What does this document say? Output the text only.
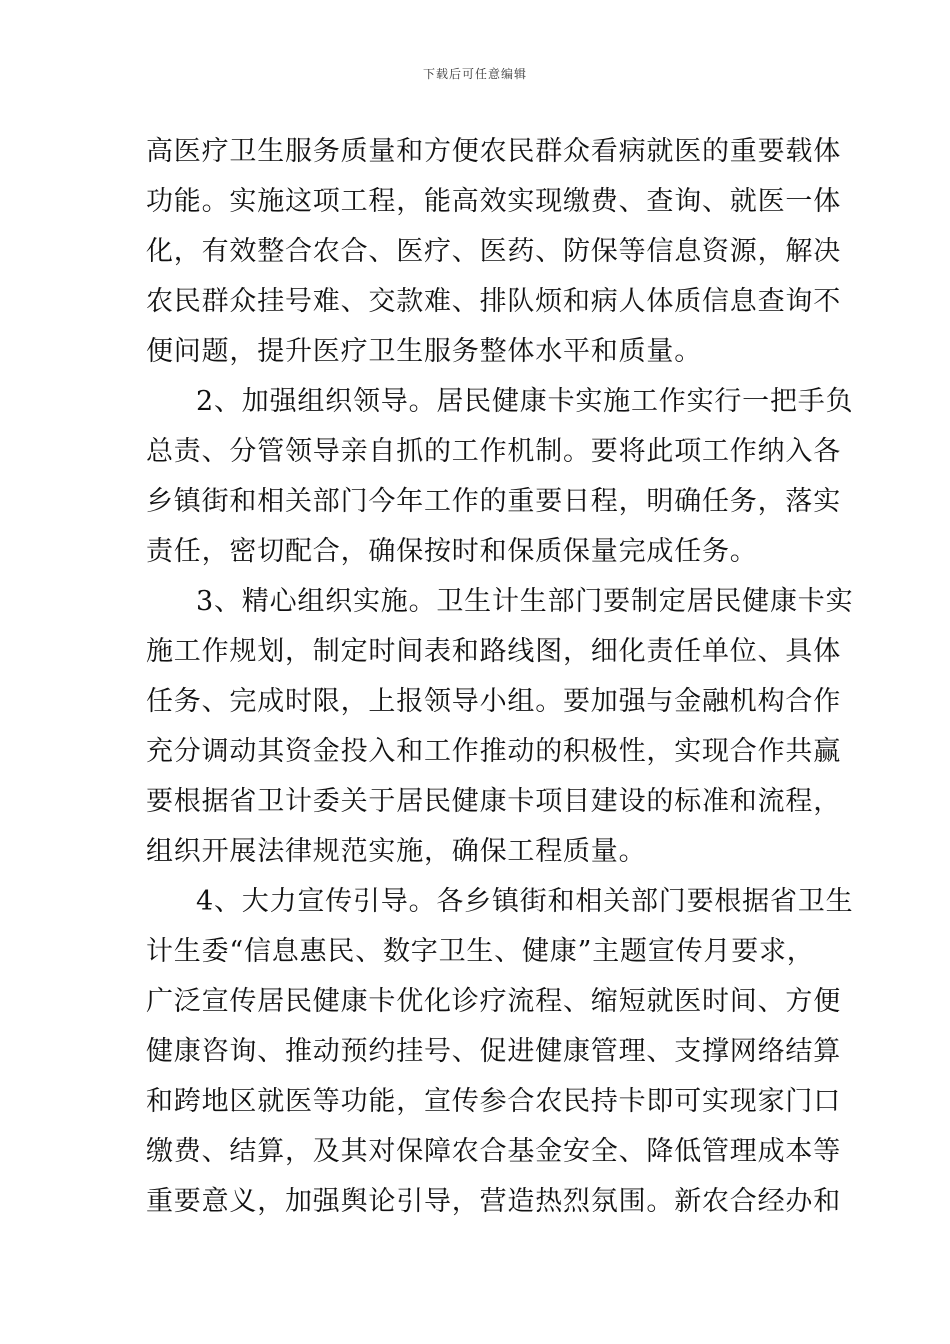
下载后可任意编辑
高医疗卫生服务质量和方便农民群众看病就医的重要载体
功能。实施这项工程，能高效实现缴费、查询、就医一体
化，有效整合农合、医疗、医药、防保等信息资源，解决
农民群众挂号难、交款难、排队烦和病人体质信息查询不
便问题，提升医疗卫生服务整体水平和质量。
2、加强组织领导。居民健康卡实施工作实行一把手负
总责、分管领导亲自抓的工作机制。要将此项工作纳入各
乡镇街和相关部门今年工作的重要日程，明确任务，落实
责任，密切配合，确保按时和保质保量完成任务。
3、精心组织实施。卫生计生部门要制定居民健康卡实
施工作规划，制定时间表和路线图，细化责任单位、具体
任务、完成时限，上报领导小组。要加强与金融机构合作
充分调动其资金投入和工作推动的积极性，实现合作共赢
要根据省卫计委关于居民健康卡项目建设的标准和流程，
组织开展法律规范实施，确保工程质量。
4、大力宣传引导。各乡镇街和相关部门要根据省卫生
计生委“信息惠民、数字卫生、健康”主题宣传月要求，
广泛宣传居民健康卡优化诊疗流程、缩短就医时间、方便
健康咨询、推动预约挂号、促进健康管理、支撑网络结算
和跨地区就医等功能，宣传参合农民持卡即可实现家门口
缴费、结算，及其对保障农合基金安全、降低管理成本等
重要意义，加强舆论引导，营造热烈氛围。新农合经办和
